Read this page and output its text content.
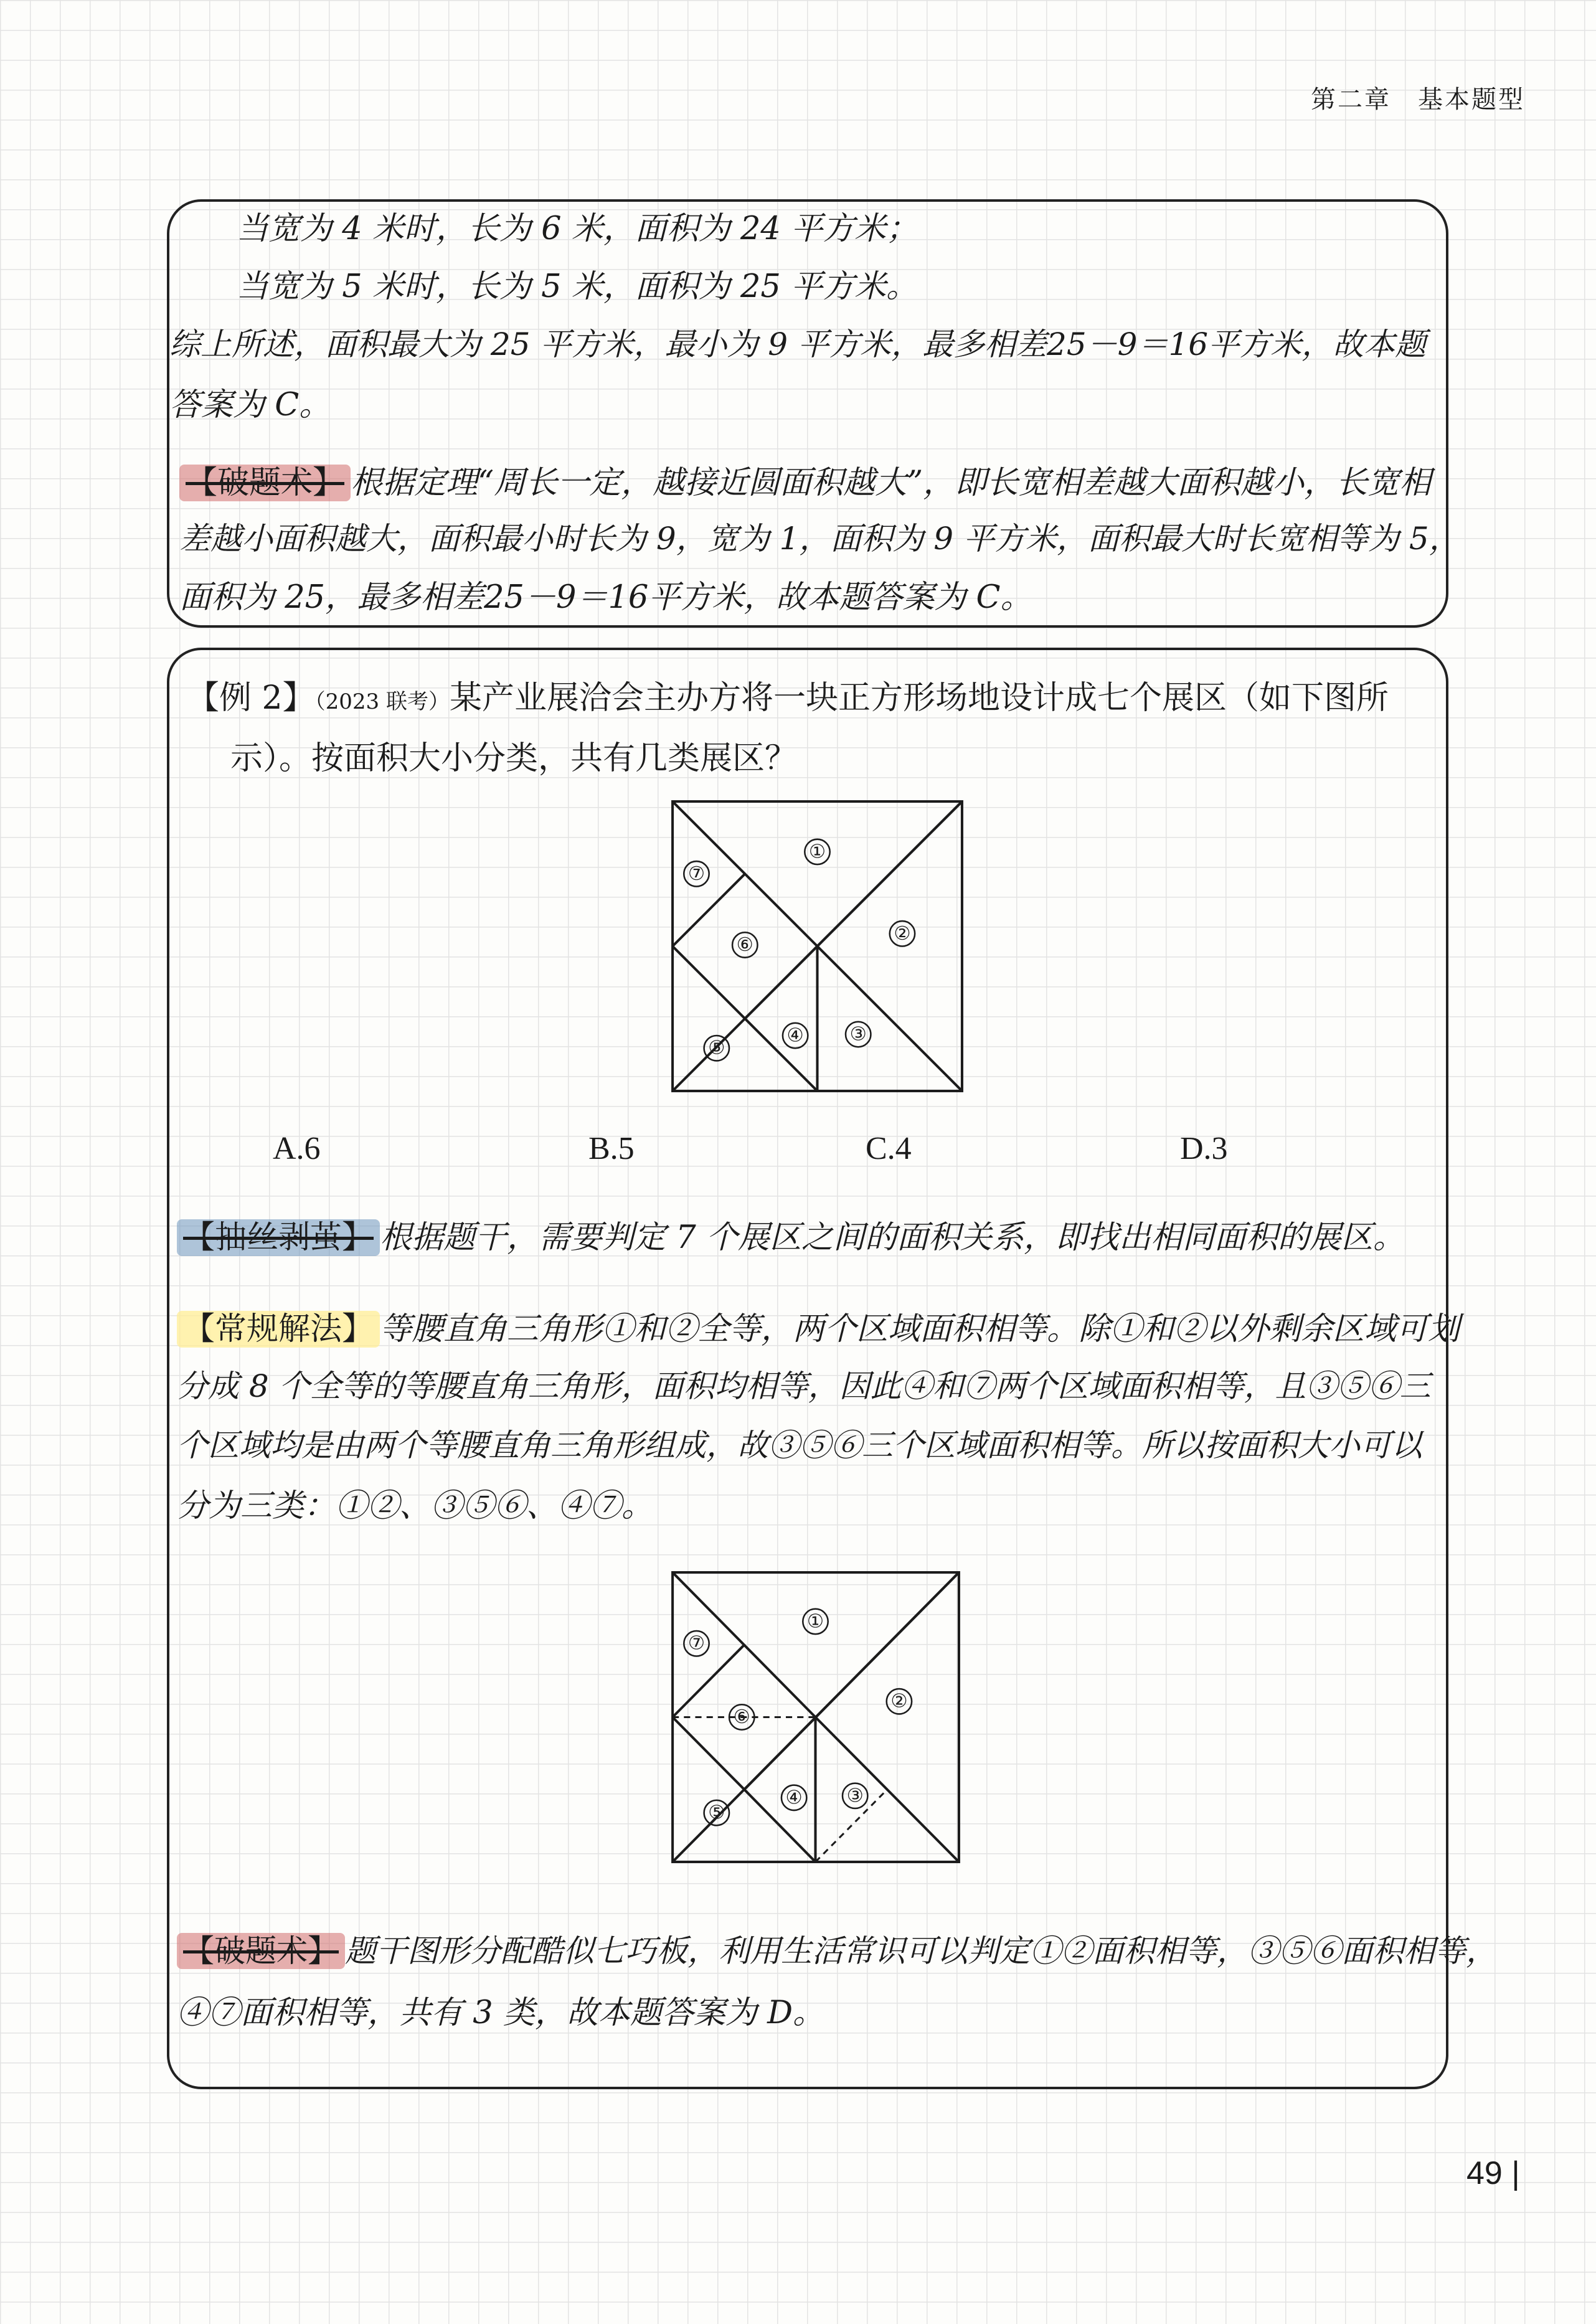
第二章　基本题型
当宽为 4 米时，长为 6 米，面积为 24 平方米；
当宽为 5 米时，长为 5 米，面积为 25 平方米。
综上所述，面积最大为 25 平方米，最小为 9 平方米，最多相差25－9＝16平方米，故本题
答案为 C。
【破题术】 根据定理“周长一定，越接近圆面积越大”，即长宽相差越大面积越小，长宽相
差越小面积越大，面积最小时长为 9，宽为 1，面积为 9 平方米，面积最大时长宽相等为 5，
面积为 25，最多相差25－9＝16平方米，故本题答案为 C。
【例 2】（2023 联考）某产业展洽会主办方将一块正方形场地设计成七个展区（如下图所
示）。按面积大小分类，共有几类展区？
①
②
③
④
⑤
⑥
⑦
A.6	B.5	C.4	D.3
【抽丝剥茧】 根据题干，需要判定 7 个展区之间的面积关系，即找出相同面积的展区。
【常规解法】 等腰直角三角形①和②全等，两个区域面积相等。除①和②以外剩余区域可划
分成 8 个全等的等腰直角三角形，面积均相等，因此④和⑦两个区域面积相等，且③⑤⑥三
个区域均是由两个等腰直角三角形组成，故③⑤⑥三个区域面积相等。所以按面积大小可以
分为三类：①②、③⑤⑥、④⑦。
①
②
③
④
⑤
⑥
⑦
【破题术】 题干图形分配酷似七巧板，利用生活常识可以判定①②面积相等，③⑤⑥面积相等，
④⑦面积相等，共有 3 类，故本题答案为 D。
49 |
